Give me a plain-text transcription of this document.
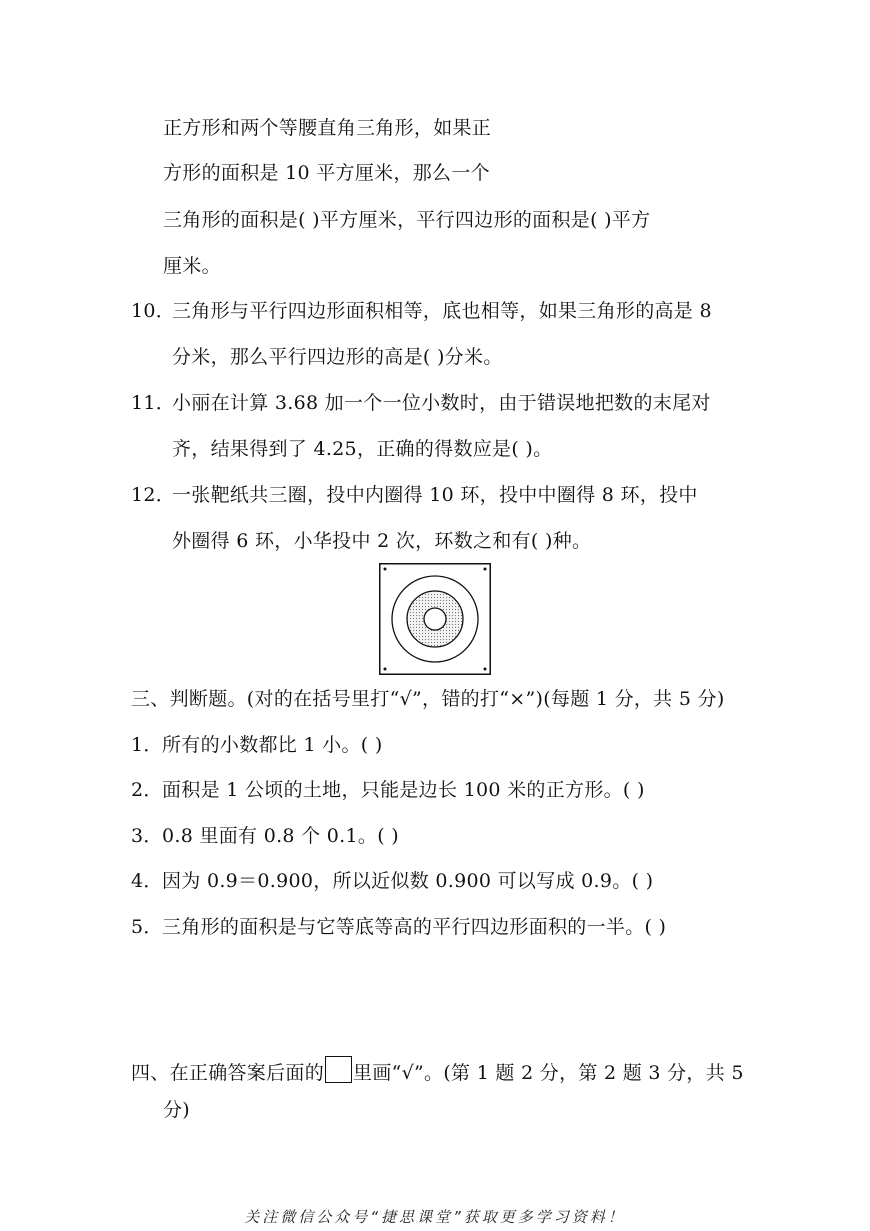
正方形和两个等腰直角三角形，如果正
方形的面积是 10 平方厘米，那么一个
三角形的面积是( )平方厘米，平行四边形的面积是( )平方
厘米。
10．
三角形与平行四边形面积相等，底也相等，如果三角形的高是 8
分米，那么平行四边形的高是( )分米。
11．
小丽在计算 3.68 加一个一位小数时，由于错误地把数的末尾对
齐，结果得到了 4.25，正确的得数应是( )。
12．
一张靶纸共三圈，投中内圈得 10 环，投中中圈得 8 环，投中
外圈得 6 环，小华投中 2 次，环数之和有( )种。
三、判断题。(对的在括号里打“√”，错的打“×”)(每题 1 分，共 5 分)
1． 所有的小数都比 1 小。( )
2． 面积是 1 公顷的土地，只能是边长 100 米的正方形。( )
3． 0.8 里面有 0.8 个 0.1。( )
4． 因为 0.9＝0.900，所以近似数 0.900 可以写成 0.9。( )
5． 三角形的面积是与它等底等高的平行四边形面积的一半。( )
四、在正确答案后面的 里画“√”。(第 1 题 2 分，第 2 题 3 分，共 5
分)
关注微信公众号“捷思课堂”获取更多学习资料！
